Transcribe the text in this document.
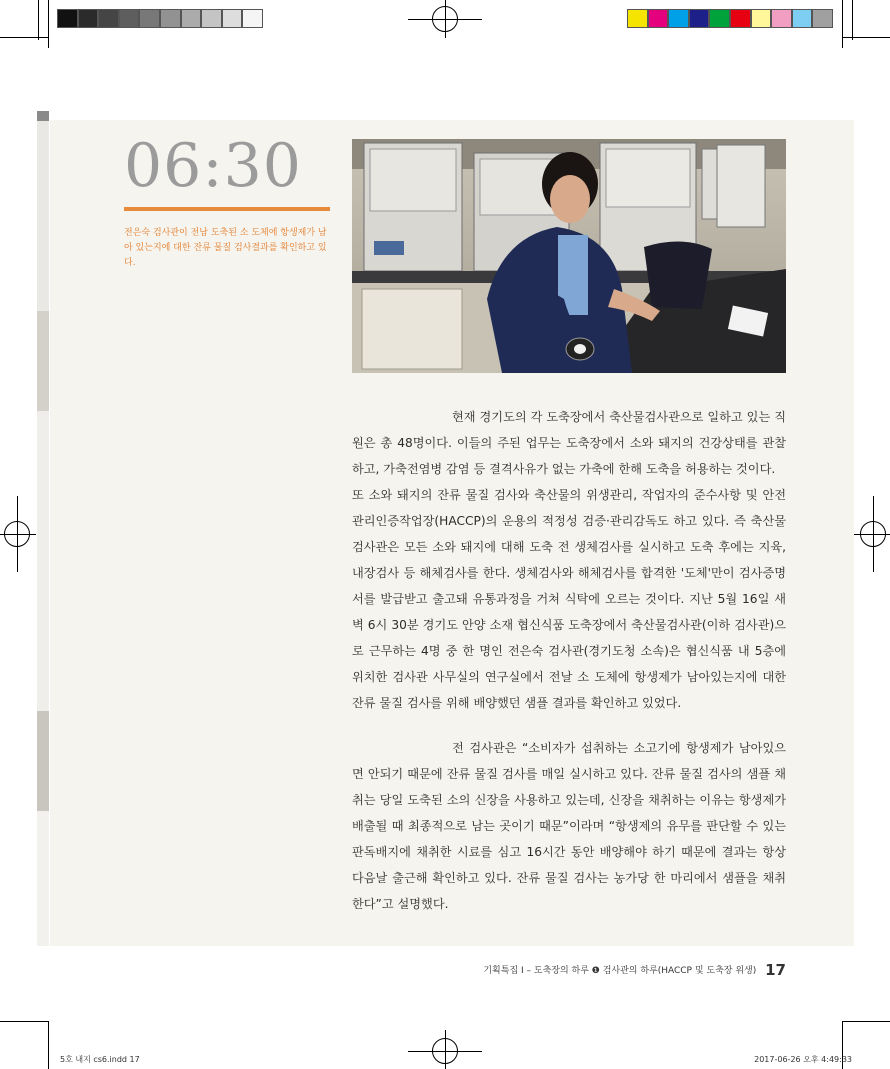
06:30
전은숙 검사관이 전남 도축된 소 도체에 항생제가 남아 있는지에 대한 잔류 물질 검사결과를 확인하고 있다.

현재 경기도의 각 도축장에서 축산물검사관으로 일하고 있는 직원은 총 48명이다. 이들의 주된 업무는 도축장에서 소와 돼지의 건강상태를 관찰하고, 가축전염병 감염 등 결격사유가 없는 가축에 한해 도축을 허용하는 것이다.

또 소와 돼지의 잔류 물질 검사와 축산물의 위생관리, 작업자의 준수사항 및 안전관리인증작업장(HACCP)의 운용의 적정성 검증·관리감독도 하고 있다. 즉 축산물검사관은 모든 소와 돼지에 대해 도축 전 생체검사를 실시하고 도축 후에는 지육, 내장검사 등 해체검사를 한다. 생체검사와 해체검사를 합격한 '도체'만이 검사증명서를 발급받고 출고돼 유통과정을 거쳐 식탁에 오르는 것이다. 지난 5월 16일 새벽 6시 30분 경기도 안양 소재 협신식품 도축장에서 축산물검사관(이하 검사관)으로 근무하는 4명 중 한 명인 전은숙 검사관(경기도청 소속)은 협신식품 내 5층에 위치한 검사관 사무실의 연구실에서 전날 소 도체에 항생제가 남아있는지에 대한 잔류 물질 검사를 위해 배양했던 샘플 결과를 확인하고 있었다.

전 검사관은 “소비자가 섭취하는 소고기에 항생제가 남아있으면 안되기 때문에 잔류 물질 검사를 매일 실시하고 있다. 잔류 물질 검사의 샘플 채취는 당일 도축된 소의 신장을 사용하고 있는데, 신장을 채취하는 이유는 항생제가 배출될 때 최종적으로 남는 곳이기 때문”이라며 “항생제의 유무를 판단할 수 있는 판독배지에 채취한 시료를 심고 16시간 동안 배양해야 하기 때문에 결과는 항상 다음날 출근해 확인하고 있다. 잔류 물질 검사는 농가당 한 마리에서 샘플을 채취한다”고 설명했다.

기획특집 I – 도축장의 하루 ❶ 검사관의 하루(HACCP 및 도축장 위생) 17
5호 내지 cs6.indd 17	2017-06-26 오후 4:49:33
